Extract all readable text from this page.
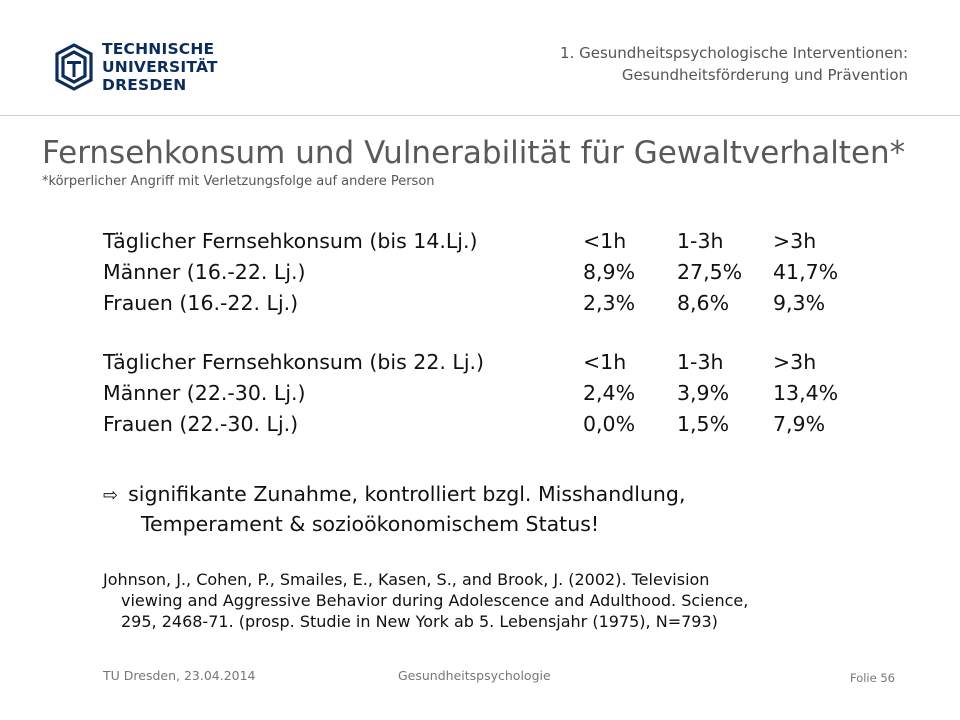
TECHNISCHE
UNIVERSITÄT
DRESDEN
1. Gesundheitspsychologische Interventionen:
Gesundheitsförderung und Prävention
Fernsehkonsum und Vulnerabilität für Gewaltverhalten*
*körperlicher Angriff mit Verletzungsfolge auf andere Person
Täglicher Fernsehkonsum (bis 14.Lj.)	<1h 1-3h >3h
Männer (16.-22. Lj.)	8,9% 27,5% 41,7%
Frauen (16.-22. Lj.)	2,3% 8,6% 9,3%
Täglicher Fernsehkonsum (bis 22. Lj.)	<1h 1-3h >3h
Männer (22.-30. Lj.)	2,4% 3,9% 13,4%
Frauen (22.-30. Lj.)	0,0% 1,5% 7,9%
⇨ signifikante Zunahme, kontrolliert bzgl. Misshandlung,
Temperament & sozioökonomischem Status!
Johnson, J., Cohen, P., Smailes, E., Kasen, S., and Brook, J. (2002). Television
viewing and Aggressive Behavior during Adolescence and Adulthood. Science,
295, 2468-71. (prosp. Studie in New York ab 5. Lebensjahr (1975), N=793)
TU Dresden, 23.04.2014	Gesundheitspsychologie	Folie 56
